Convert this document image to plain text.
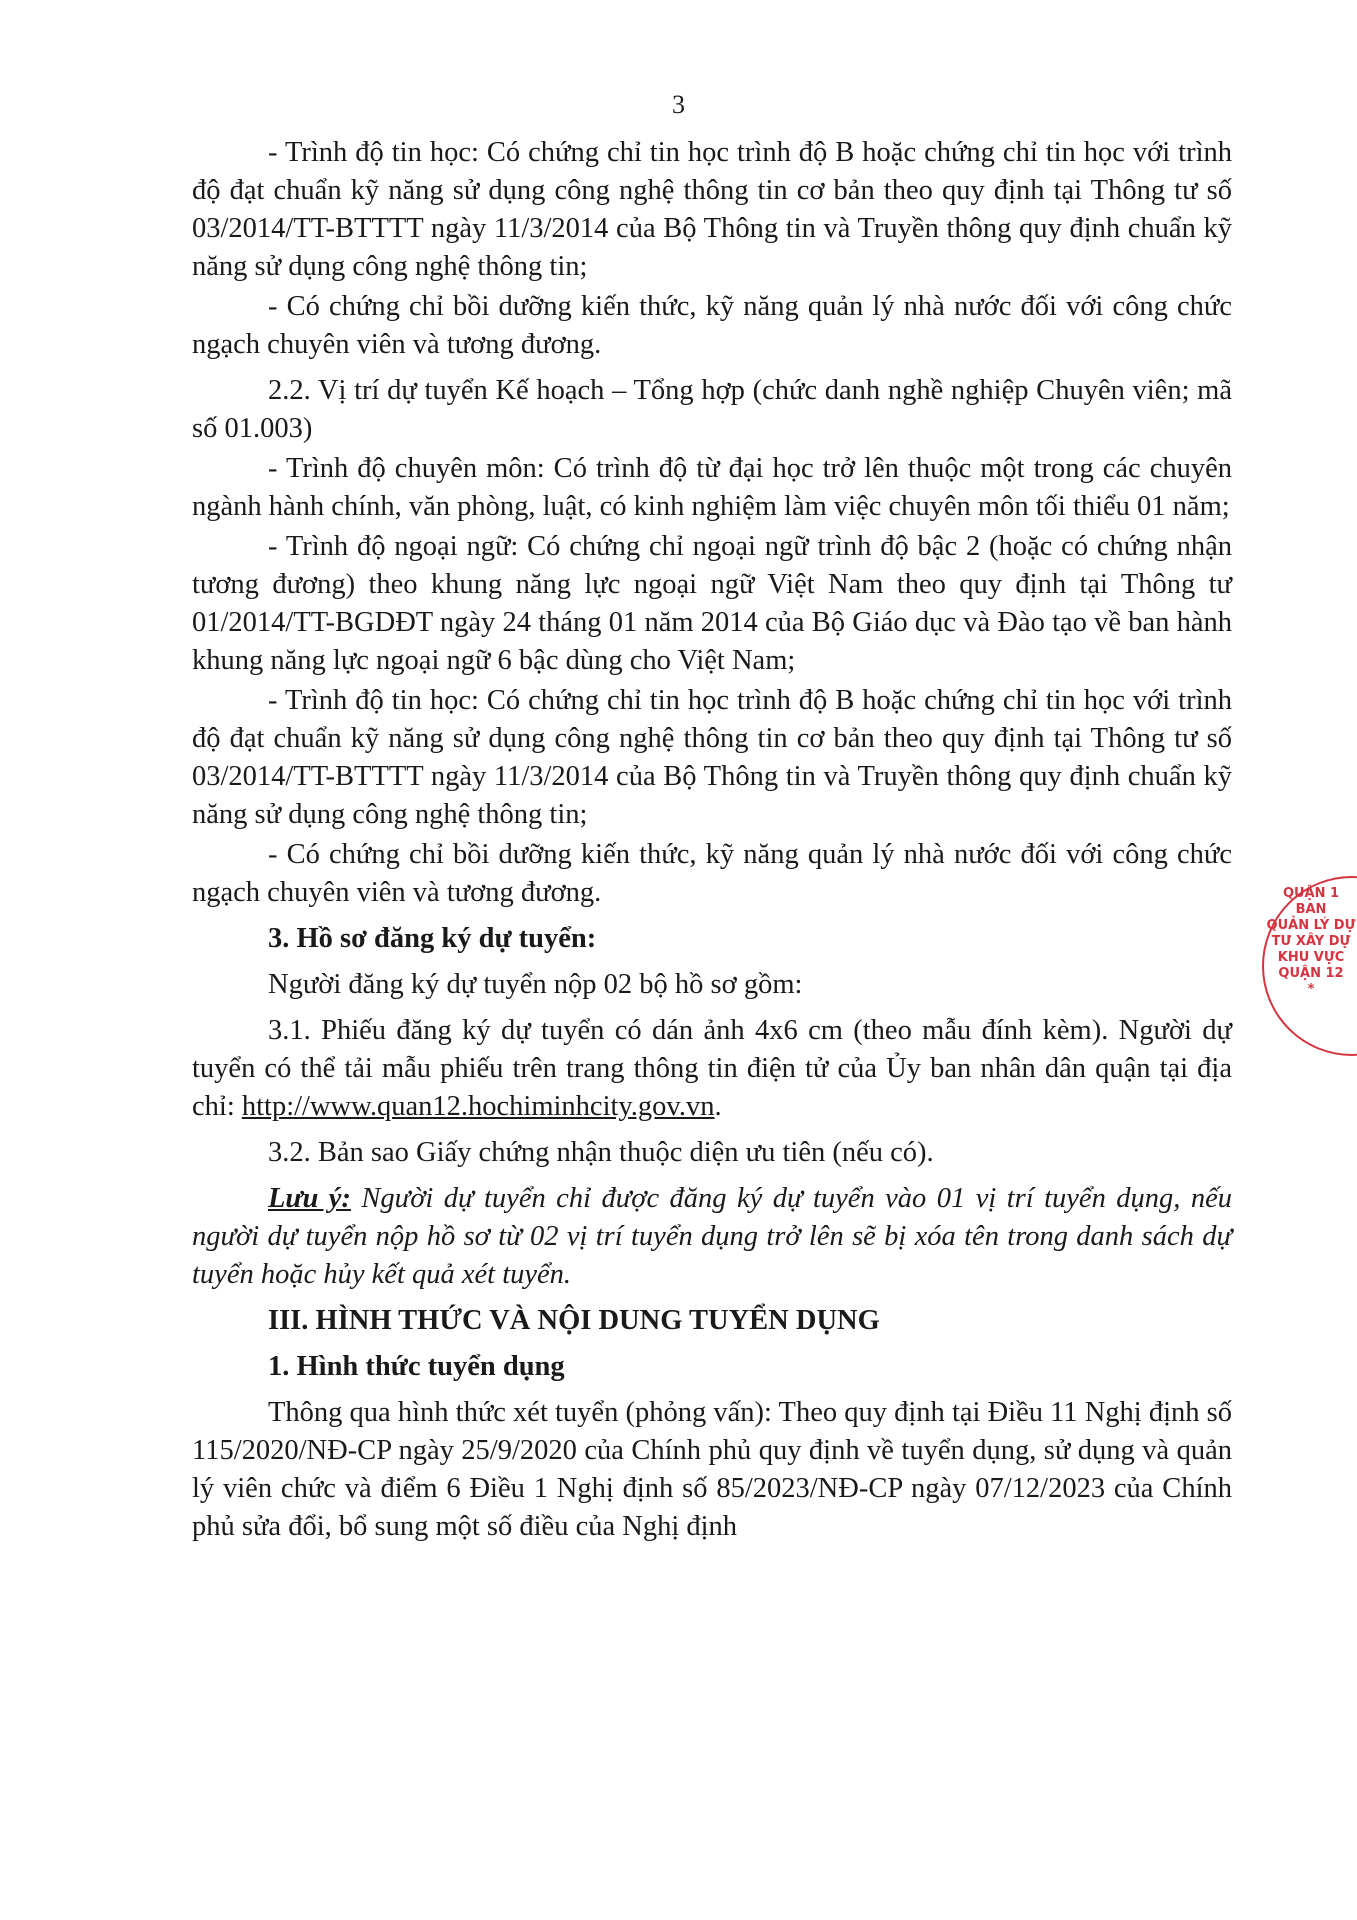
3

- Trình độ tin học: Có chứng chỉ tin học trình độ B hoặc chứng chỉ tin học với trình độ đạt chuẩn kỹ năng sử dụng công nghệ thông tin cơ bản theo quy định tại Thông tư số 03/2014/TT-BTTTT ngày 11/3/2014 của Bộ Thông tin và Truyền thông quy định chuẩn kỹ năng sử dụng công nghệ thông tin;

- Có chứng chỉ bồi dưỡng kiến thức, kỹ năng quản lý nhà nước đối với công chức ngạch chuyên viên và tương đương.

2.2. Vị trí dự tuyển Kế hoạch – Tổng hợp (chức danh nghề nghiệp Chuyên viên; mã số 01.003)

- Trình độ chuyên môn: Có trình độ từ đại học trở lên thuộc một trong các chuyên ngành hành chính, văn phòng, luật, có kinh nghiệm làm việc chuyên môn tối thiểu 01 năm;

- Trình độ ngoại ngữ: Có chứng chỉ ngoại ngữ trình độ bậc 2 (hoặc có chứng nhận tương đương) theo khung năng lực ngoại ngữ Việt Nam theo quy định tại Thông tư 01/2014/TT-BGDĐT ngày 24 tháng 01 năm 2014 của Bộ Giáo dục và Đào tạo về ban hành khung năng lực ngoại ngữ 6 bậc dùng cho Việt Nam;

- Trình độ tin học: Có chứng chỉ tin học trình độ B hoặc chứng chỉ tin học với trình độ đạt chuẩn kỹ năng sử dụng công nghệ thông tin cơ bản theo quy định tại Thông tư số 03/2014/TT-BTTTT ngày 11/3/2014 của Bộ Thông tin và Truyền thông quy định chuẩn kỹ năng sử dụng công nghệ thông tin;

- Có chứng chỉ bồi dưỡng kiến thức, kỹ năng quản lý nhà nước đối với công chức ngạch chuyên viên và tương đương.

3. Hồ sơ đăng ký dự tuyển:

Người đăng ký dự tuyển nộp 02 bộ hồ sơ gồm:

3.1. Phiếu đăng ký dự tuyển có dán ảnh 4x6 cm (theo mẫu đính kèm). Người dự tuyển có thể tải mẫu phiếu trên trang thông tin điện tử của Ủy ban nhân dân quận tại địa chỉ: http://www.quan12.hochiminhcity.gov.vn.

3.2. Bản sao Giấy chứng nhận thuộc diện ưu tiên (nếu có).

Lưu ý: Người dự tuyển chỉ được đăng ký dự tuyển vào 01 vị trí tuyển dụng, nếu người dự tuyển nộp hồ sơ từ 02 vị trí tuyển dụng trở lên sẽ bị xóa tên trong danh sách dự tuyển hoặc hủy kết quả xét tuyển.

III. HÌNH THỨC VÀ NỘI DUNG TUYỂN DỤNG
1. Hình thức tuyển dụng

Thông qua hình thức xét tuyển (phỏng vấn): Theo quy định tại Điều 11 Nghị định số 115/2020/NĐ-CP ngày 25/9/2020 của Chính phủ quy định về tuyển dụng, sử dụng và quản lý viên chức và điểm 6 Điều 1 Nghị định số 85/2023/NĐ-CP ngày 07/12/2023 của Chính phủ sửa đổi, bổ sung một số điều của Nghị định

QUẬN 1
BAN
QUẢN LÝ DỰ
TƯ XÂY DỰ
KHU VỰC
QUẬN 12
*
